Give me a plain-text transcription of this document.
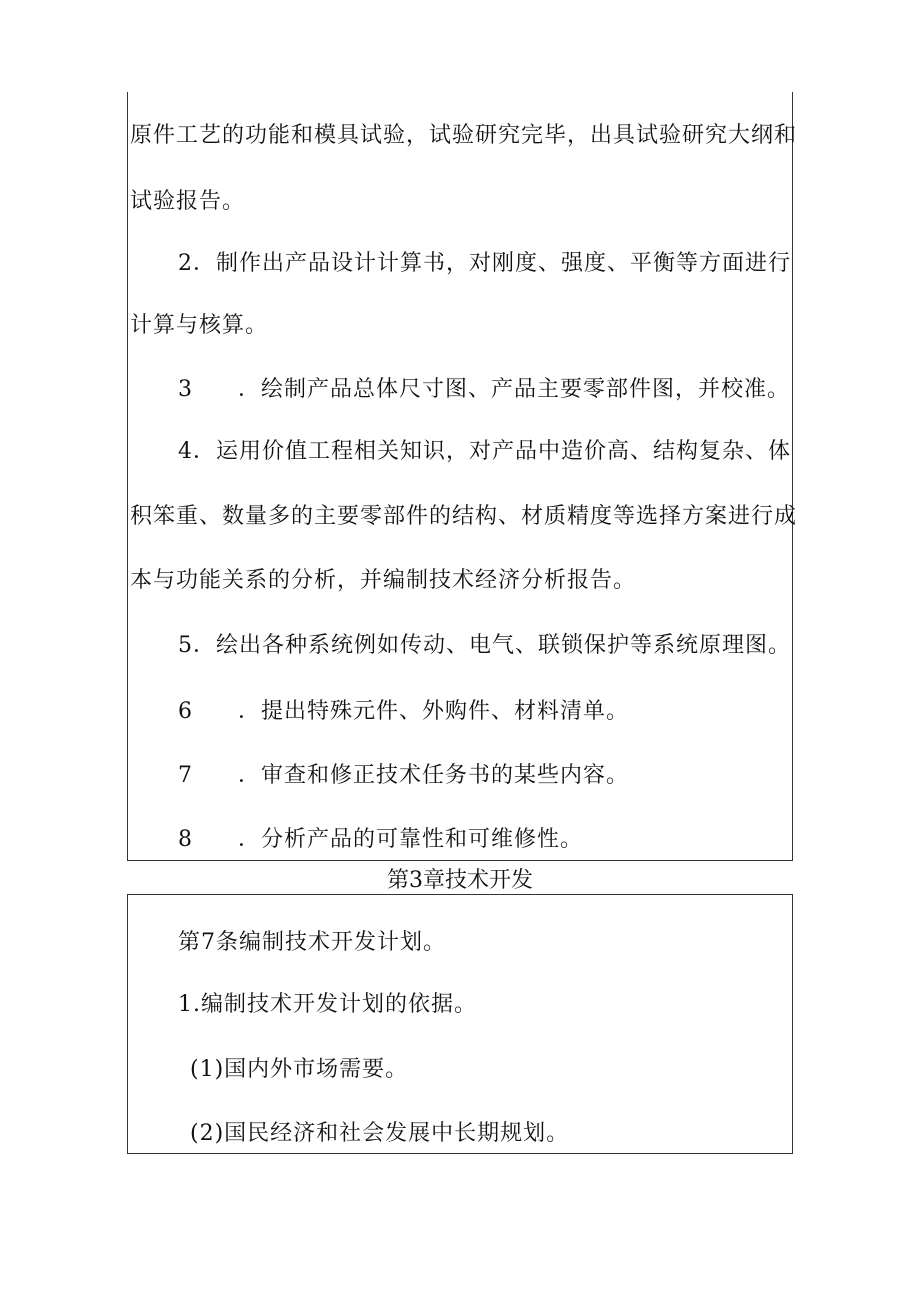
原件工艺的功能和模具试验，试验研究完毕，出具试验研究大纲和
试验报告。
2．制作出产品设计计算书，对刚度、强度、平衡等方面进行
计算与核算。
3 ．绘制产品总体尺寸图、产品主要零部件图，并校准。
4．运用价值工程相关知识，对产品中造价高、结构复杂、体
积笨重、数量多的主要零部件的结构、材质精度等选择方案进行成
本与功能关系的分析，并编制技术经济分析报告。
5．绘出各种系统例如传动、电气、联锁保护等系统原理图。
6 ．提出特殊元件、外购件、材料清单。
7 ．审查和修正技术任务书的某些内容。
8 ．分析产品的可靠性和可维修性。
第3章技术开发
第7条编制技术开发计划。
1.编制技术开发计划的依据。
(1)国内外市场需要。
(2)国民经济和社会发展中长期规划。
